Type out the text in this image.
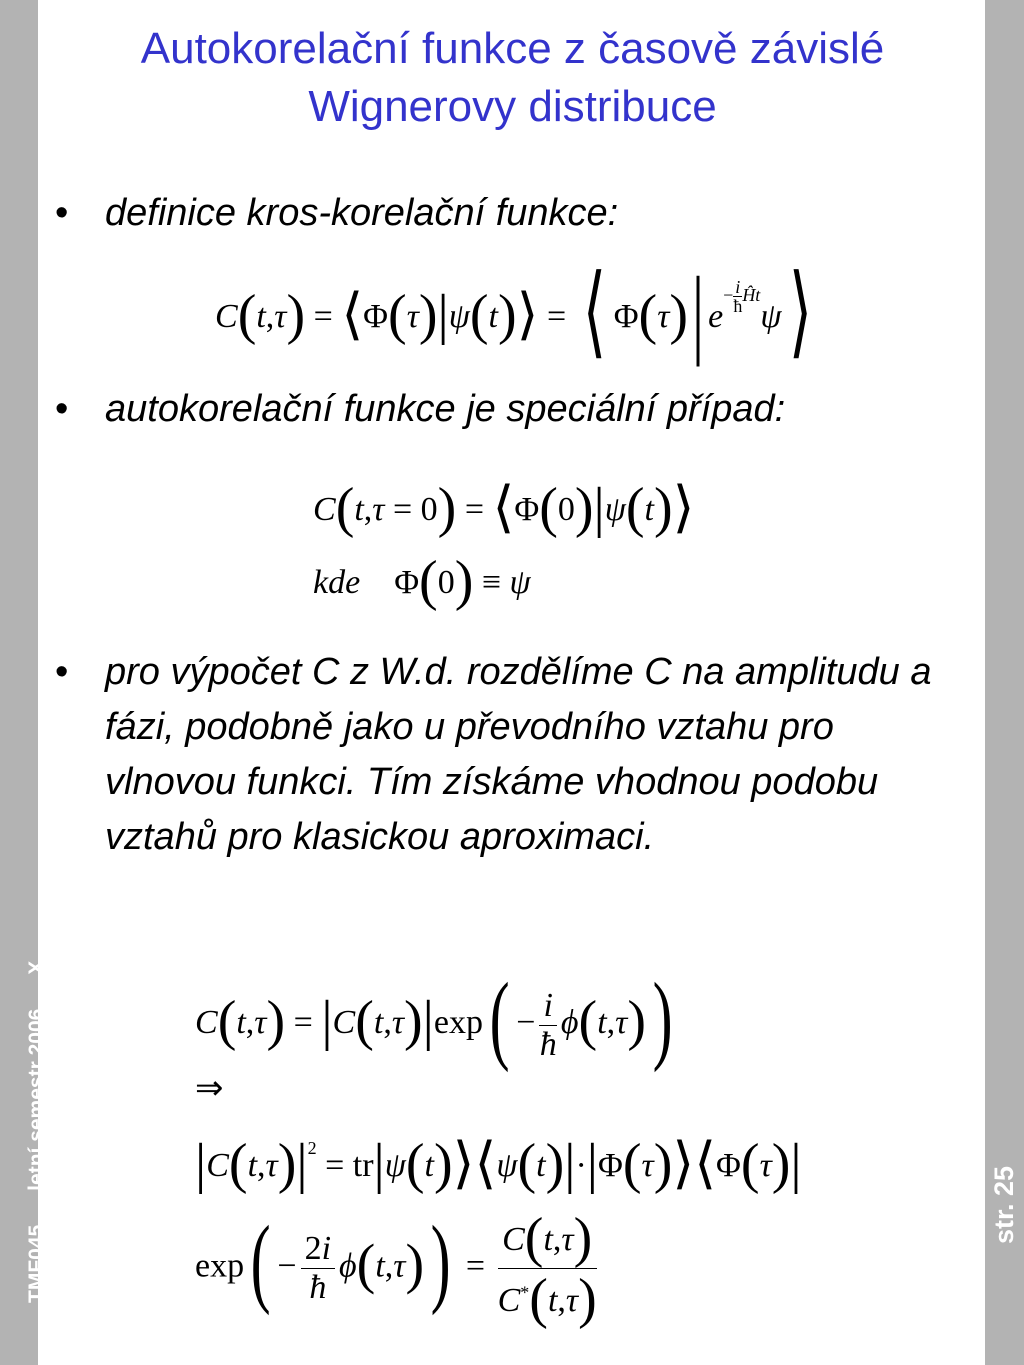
TMF045letní semestr 2006X
str. 25
Autokorelační funkce z časově závislé Wignerovy distribuce
• definice kros-korelační funkce:
C(t,τ) = ⟨Φ(τ)|ψ(t)⟩ = ⟨ Φ(τ)| $e^{- \frac{i}{ħ} Ĥt}\psi⟩$
• autokorelační funkce je speciální případ:
C(t,τ = 0) = ⟨Φ(0)|ψ(t)⟩
kde    Φ(0) ≡ ψ
• pro výpočet C z W.d. rozdělíme C na amplitudu a fázi, podobně jako u převodního vztahu pro vlnovou funkci. Tím získáme vhodnou podobu vztahů pro klasickou aproximaci.
$C(t,\tau) = |C(t,\tau)|\exp( - \frac{i}{ħ} \phi(t,\tau))$
⇒
$|C(t,\tau)|^2$ = tr|ψ(t)⟩⟨ψ(t)|·|Φ(τ)⟩⟨Φ(τ)|
$\exp( - \frac{2i}{ħ} \phi(t,\tau)) = \frac{C(t,\tau)}{C^*(t,\tau)}$
